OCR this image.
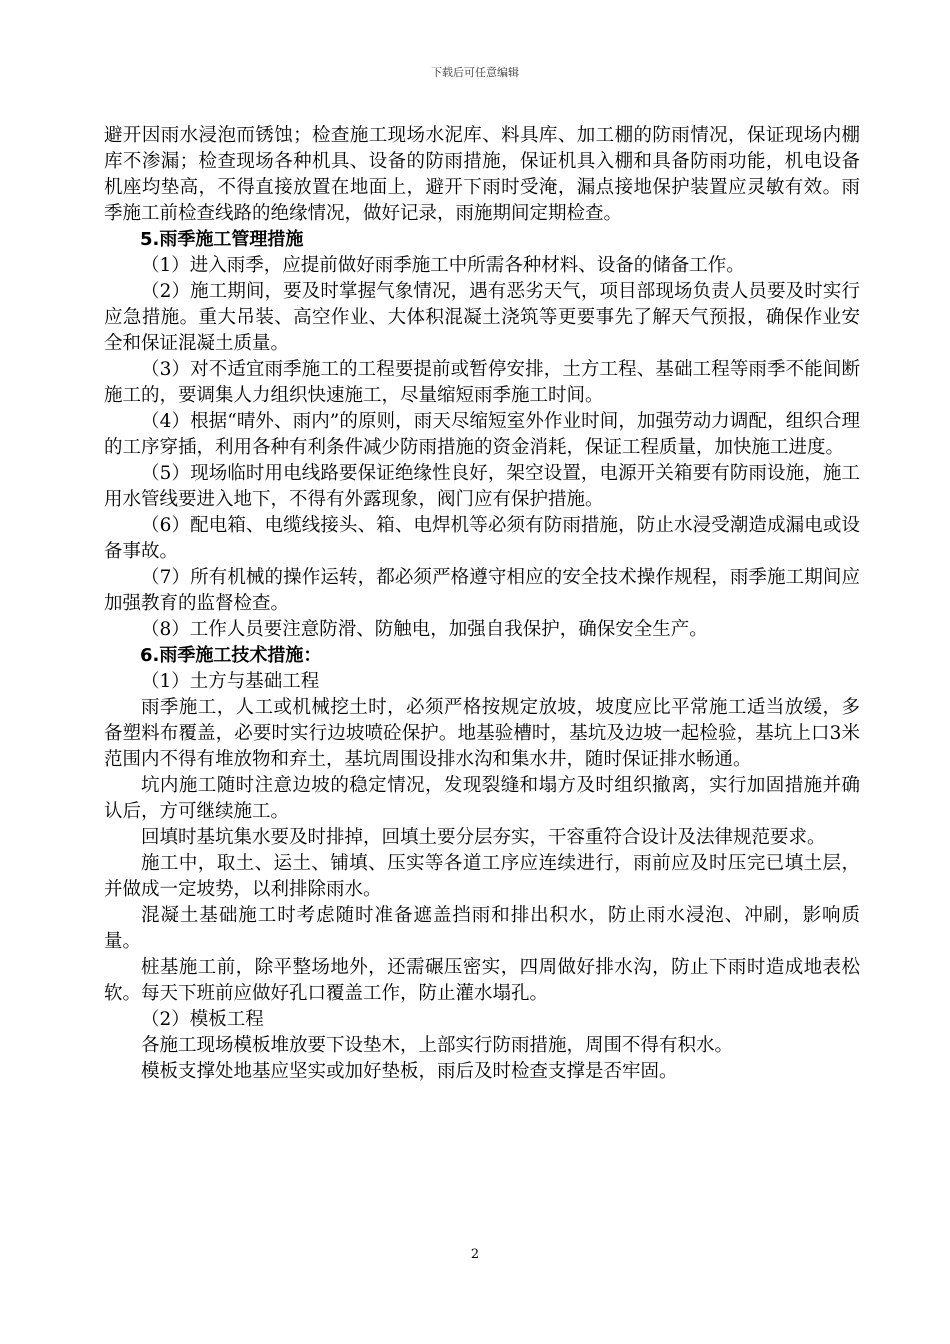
下载后可任意编辑

避开因雨水浸泡而锈蚀；检查施工现场水泥库、料具库、加工棚的防雨情况，保证现场内棚库不渗漏；检查现场各种机具、设备的防雨措施，保证机具入棚和具备防雨功能，机电设备机座均垫高，不得直接放置在地面上，避开下雨时受淹，漏点接地保护装置应灵敏有效。雨季施工前检查线路的绝缘情况，做好记录，雨施期间定期检查。

5.雨季施工管理措施

（1）进入雨季，应提前做好雨季施工中所需各种材料、设备的储备工作。

（2）施工期间，要及时掌握气象情况，遇有恶劣天气，项目部现场负责人员要及时实行应急措施。重大吊装、高空作业、大体积混凝土浇筑等更要事先了解天气预报，确保作业安全和保证混凝土质量。

（3）对不适宜雨季施工的工程要提前或暂停安排，土方工程、基础工程等雨季不能间断施工的，要调集人力组织快速施工，尽量缩短雨季施工时间。

（4）根据“晴外、雨内”的原则，雨天尽缩短室外作业时间，加强劳动力调配，组织合理的工序穿插，利用各种有利条件减少防雨措施的资金消耗，保证工程质量，加快施工进度。

（5）现场临时用电线路要保证绝缘性良好，架空设置，电源开关箱要有防雨设施，施工用水管线要进入地下，不得有外露现象，阀门应有保护措施。

（6）配电箱、电缆线接头、箱、电焊机等必须有防雨措施，防止水浸受潮造成漏电或设备事故。

（7）所有机械的操作运转，都必须严格遵守相应的安全技术操作规程，雨季施工期间应加强教育的监督检查。

（8）工作人员要注意防滑、防触电，加强自我保护，确保安全生产。

6.雨季施工技术措施：

（1）土方与基础工程

雨季施工，人工或机械挖土时，必须严格按规定放坡，坡度应比平常施工适当放缓，多备塑料布覆盖，必要时实行边坡喷砼保护。地基验槽时，基坑及边坡一起检验，基坑上口3米范围内不得有堆放物和弃土，基坑周围设排水沟和集水井，随时保证排水畅通。

坑内施工随时注意边坡的稳定情况，发现裂缝和塌方及时组织撤离，实行加固措施并确认后，方可继续施工。

回填时基坑集水要及时排掉，回填土要分层夯实，干容重符合设计及法律规范要求。

施工中，取土、运土、铺填、压实等各道工序应连续进行，雨前应及时压完已填土层，并做成一定坡势，以利排除雨水。

混凝土基础施工时考虑随时准备遮盖挡雨和排出积水，防止雨水浸泡、冲刷，影响质量。

桩基施工前，除平整场地外，还需碾压密实，四周做好排水沟，防止下雨时造成地表松软。每天下班前应做好孔口覆盖工作，防止灌水塌孔。

（2）模板工程

各施工现场模板堆放要下设垫木，上部实行防雨措施，周围不得有积水。

模板支撑处地基应坚实或加好垫板，雨后及时检查支撑是否牢固。

2
